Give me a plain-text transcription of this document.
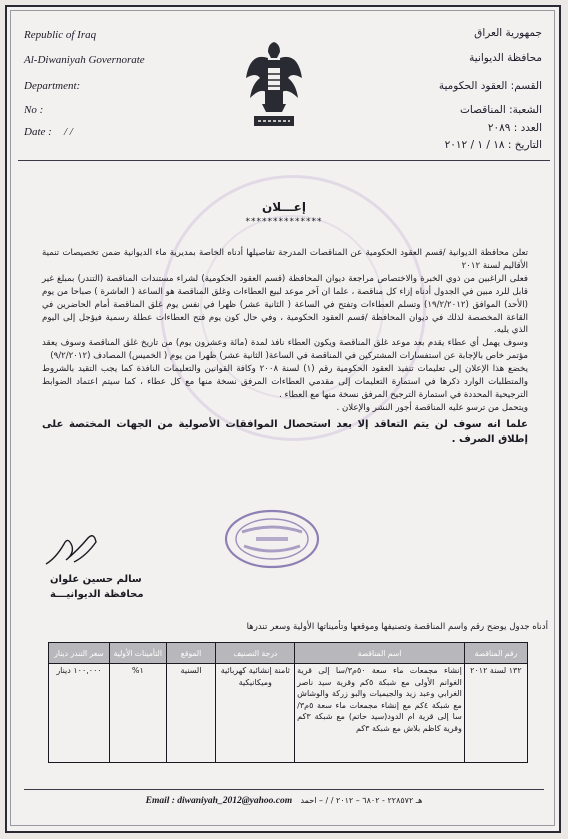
Republic of Iraq
Al-Diwaniyah Governorate
Department:
No :
Date : / /
جمهورية العراق
محافظة الديوانية
القسم: العقود الحكومية
الشعبة: المناقصات
العدد : ٢٠٨٩
التاريخ : ١٨ / ١ / ٢٠١٢
إعـــلان
**************

تعلن محافظة الديوانية /قسم العقود الحكومية عن المناقصات المدرجة تفاصيلها أدناه الخاصة بمديرية ماء الديوانية ضمن تخصيصات تنمية الأقاليم لسنة ٢٠١٢

فعلى الراغبين من ذوي الخبرة والاختصاص مراجعة ديوان المحافظة (قسم العقود الحكومية) لشراء مستندات المناقصة (التندر) بمبلغ غير قابل للرد مبين في الجدول أدناه إزاء كل مناقصة ، علما ان آخر موعد لبيع العطاءات وغلق المناقصة هو الساعة ( العاشرة ) صباحا من يوم (الأحد) الموافق (١٩/٢/٢٠١٢) وتسلم العطاءات وتفتح في الساعة ( الثانية عشر) ظهرا في نفس يوم غلق المناقصة أمام الحاضرين في القاعة المخصصة لذلك في ديوان المحافظة /قسم العقود الحكومية ، وفي حال كون يوم فتح العطاءات عطلة رسمية فيؤجل إلى اليوم الذي يليه.

وسوف يهمل أي عطاء يقدم بعد موعد غلق المناقصة ويكون العطاء نافذ لمدة (مائة وعشرون يوم) من تاريخ غلق المناقصة وسوف يعقد مؤتمر خاص بالإجابة عن استفسارات المشتركين في المناقصة في الساعة( الثانية عشر) ظهرا من يوم ( الخميس) المصادف (٩/٢/٢٠١٢)

يخضع هذا الإعلان إلى تعليمات تنفيذ العقود الحكومية رقم (١) لسنة ٢٠٠٨ وكافة القوانين والتعليمات النافذة كما يجب التقيد بالشروط والمتطلبات الوارد ذكرها في استمارة التعليمات إلى مقدمي العطاءات المرفق نسخة منها مع كل عطاء ، كما سيتم اعتماد الضوابط الترجيحية المحددة في استمارة الترجيح المرفق نسخة منها مع العطاء .

ويتحمل من ترسو عليه المناقصة أجور النشر والإعلان .

علما انه سوف لن يتم التعاقد إلا بعد استحصال الموافقات الأصولية من الجهات المختصة على إطلاق الصرف .

سالم حسين علوان
محافظة الديوانيـــة
أدناه جدول يوضح رقم واسم المناقصة وتصنيفها وموقعها وتأميناتها الأولية وسعر تندرها
رقم المناقصة	اسم المناقصة	درجة التصنيف	الموقع	التأمينات الأولية	سعر التندر دينار
١٣٢ لسنة ٢٠١٢	إنشاء مجمعات ماء سعة ٥٠م٣/سا إلى قرية الغوانم الأولى مع شبكة ٥كم وقرية سيد ناصر الغرابي وعبد زيد والجيميات والبو زركة والوشاش مع شبكة ٤كم مع إنشاء مجمعات ماء سعة ٥م٣/سا إلى قرية ام الدود(سيد حاتم) مع شبكة ٣كم وقرية كاظم بلاش مع شبكة ٣كم	ثامنة إنشائية كهربائية وميكانيكية	السنية	١%	١٠٠,٠٠٠ دينار
Email : diwaniyah_2012@yahoo.com هـ ٢٢٨٥٧٢ - ٦٨٠٢ – ٢٠١٢ / / – احمد
